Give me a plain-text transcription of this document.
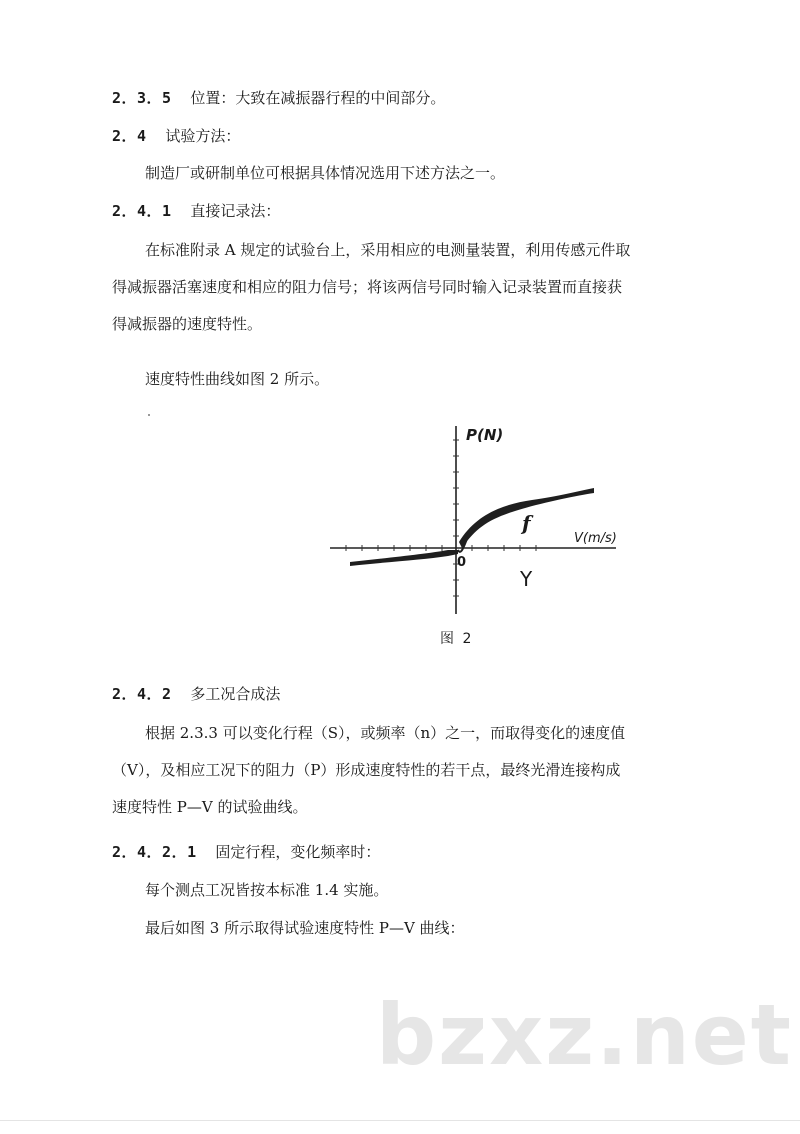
2．3．5 位置：大致在减振器行程的中间部分。
2．4 试验方法：
制造厂或研制单位可根据具体情况选用下述方法之一。
2．4．1 直接记录法：
在标准附录 A 规定的试验台上，采用相应的电测量装置，利用传感元件取
得减振器活塞速度和相应的阻力信号；将该两信号同时输入记录装置而直接获
得减振器的速度特性。
速度特性曲线如图 2 所示。
P(N)
V(m/s)
0
f
Y
图 2
2．4．2 多工况合成法
根据 2.3.3 可以变化行程（S），或频率（n）之一，而取得变化的速度值
（V），及相应工况下的阻力（P）形成速度特性的若干点，最终光滑连接构成
速度特性 P—V 的试验曲线。
2．4．2．1 固定行程，变化频率时：
每个测点工况皆按本标准 1.4 实施。
最后如图 3 所示取得试验速度特性 P—V 曲线：
bzxz.net
